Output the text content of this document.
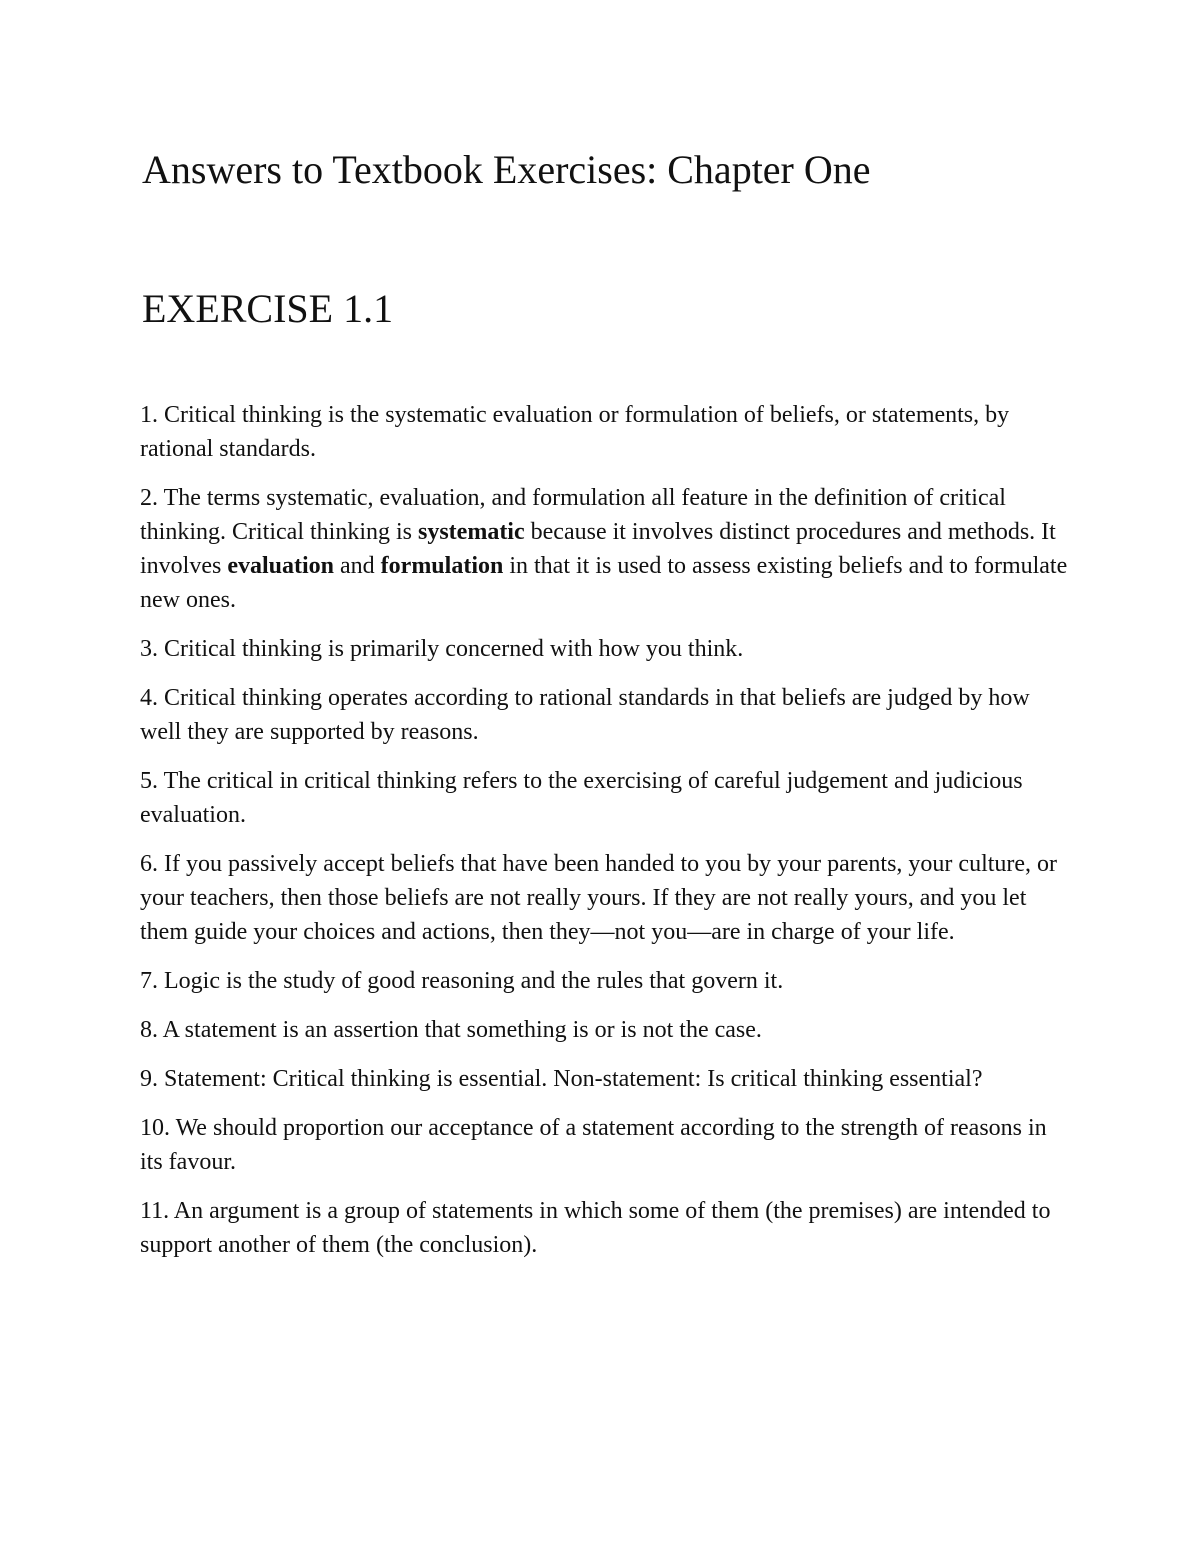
Answers to Textbook Exercises: Chapter One
EXERCISE 1.1
1. Critical thinking is the systematic evaluation or formulation of beliefs, or statements, by rational standards.
2. The terms systematic, evaluation, and formulation all feature in the definition of critical thinking. Critical thinking is systematic because it involves distinct procedures and methods. It involves evaluation and formulation in that it is used to assess existing beliefs and to formulate new ones.
3. Critical thinking is primarily concerned with how you think.
4. Critical thinking operates according to rational standards in that beliefs are judged by how well they are supported by reasons.
5. The critical in critical thinking refers to the exercising of careful judgement and judicious evaluation.
6. If you passively accept beliefs that have been handed to you by your parents, your culture, or your teachers, then those beliefs are not really yours. If they are not really yours, and you let them guide your choices and actions, then they—not you—are in charge of your life.
7. Logic is the study of good reasoning and the rules that govern it.
8. A statement is an assertion that something is or is not the case.
9. Statement: Critical thinking is essential. Non-statement: Is critical thinking essential?
10. We should proportion our acceptance of a statement according to the strength of reasons in its favour.
11. An argument is a group of statements in which some of them (the premises) are intended to support another of them (the conclusion).
